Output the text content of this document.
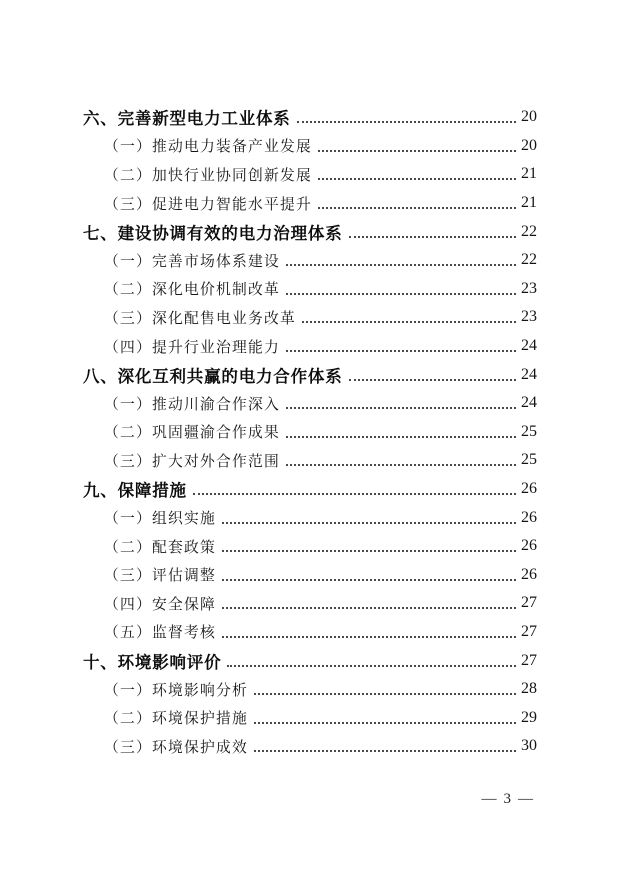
六、完善新型电力工业体系	20
（一）推动电力装备产业发展	20
（二）加快行业协同创新发展	21
（三）促进电力智能水平提升	21
七、建设协调有效的电力治理体系	22
（一）完善市场体系建设	22
（二）深化电价机制改革	23
（三）深化配售电业务改革	23
（四）提升行业治理能力	24
八、深化互利共赢的电力合作体系	24
（一）推动川渝合作深入	24
（二）巩固疆渝合作成果	25
（三）扩大对外合作范围	25
九、保障措施	26
（一）组织实施	26
（二）配套政策	26
（三）评估调整	26
（四）安全保障	27
（五）监督考核	27
十、环境影响评价	27
（一）环境影响分析	28
（二）环境保护措施	29
（三）环境保护成效	30
— 3 —
